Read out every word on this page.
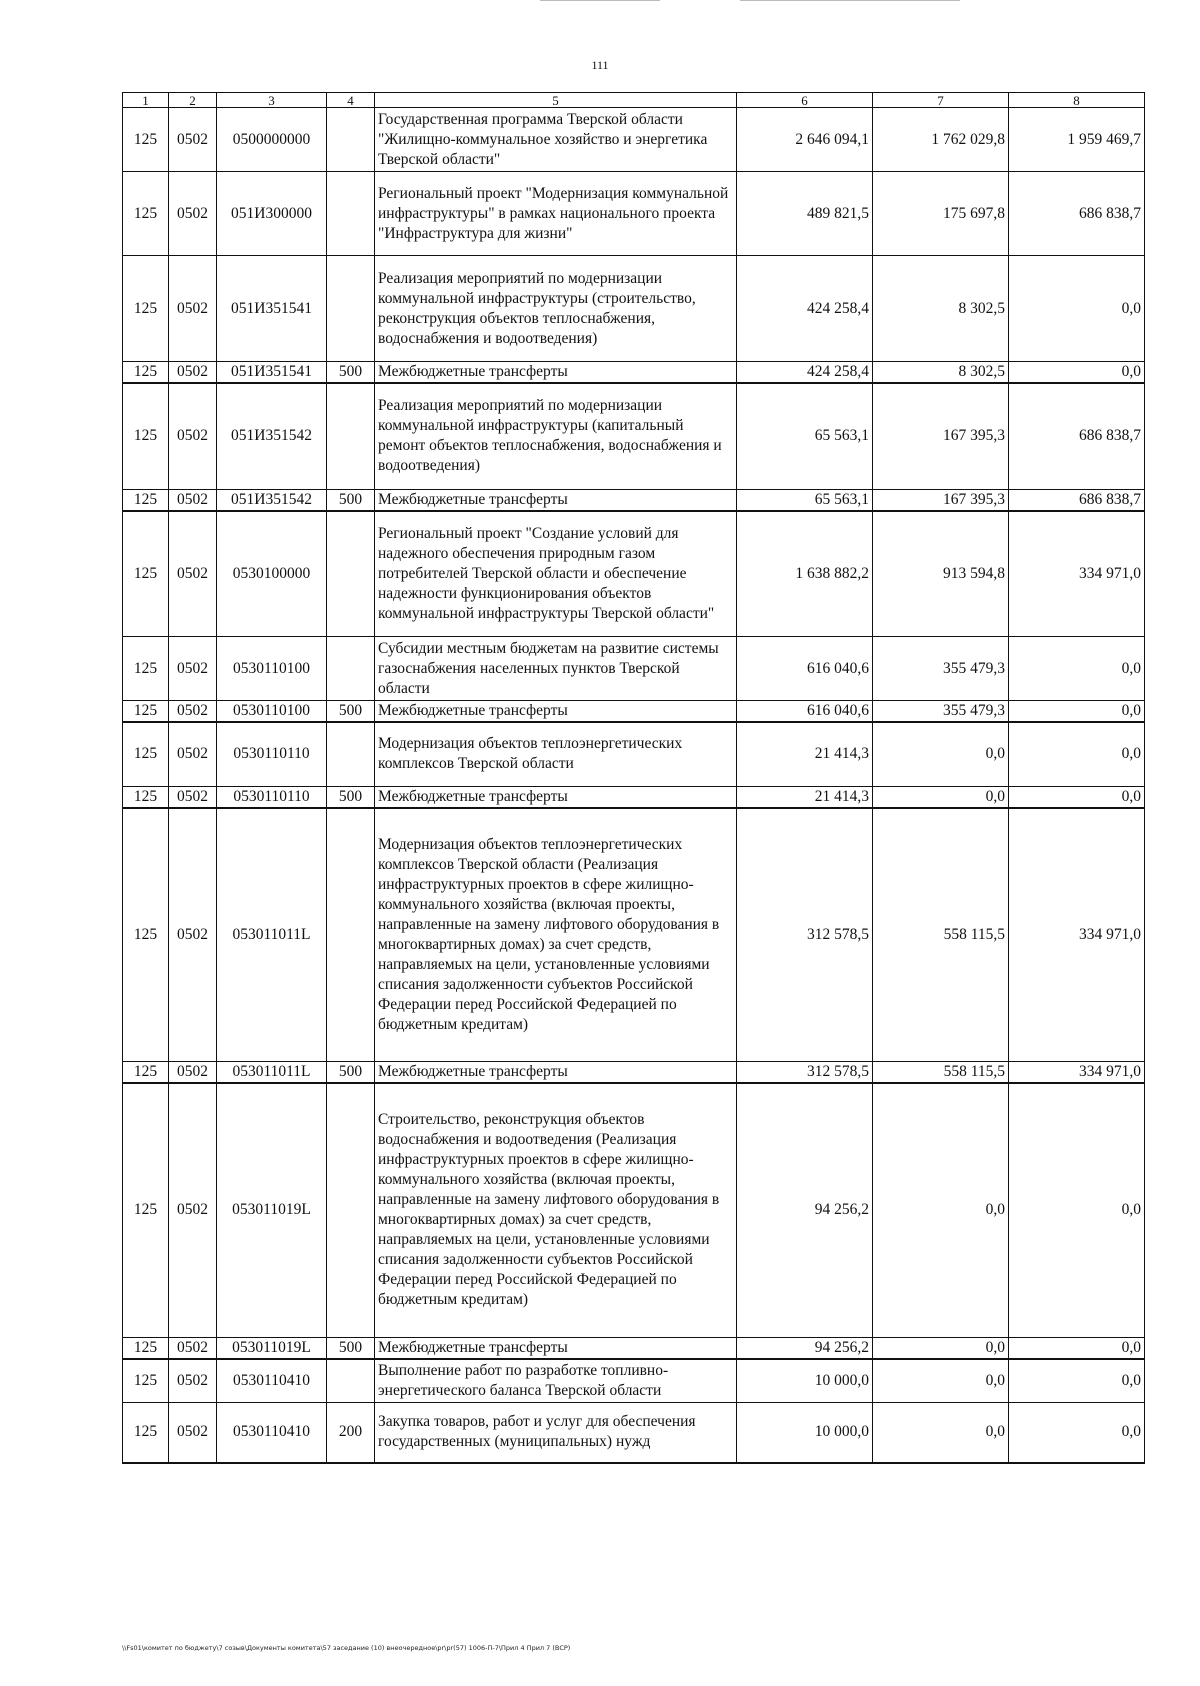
111
1	2	3	4	5	6	7	8
125	0502	0500000000		Государственная программа Тверской области "Жилищно-коммунальное хозяйство и энергетика Тверской области"	2 646 094,1	1 762 029,8	1 959 469,7
125	0502	051И300000		Региональный проект "Модернизация коммунальной инфраструктуры" в рамках национального проекта "Инфраструктура для жизни"	489 821,5	175 697,8	686 838,7
125	0502	051И351541		Реализация мероприятий по модернизации коммунальной инфраструктуры (строительство, реконструкция объектов теплоснабжения, водоснабжения и водоотведения)	424 258,4	8 302,5	0,0
125	0502	051И351541	500	Межбюджетные трансферты	424 258,4	8 302,5	0,0
125	0502	051И351542		Реализация мероприятий по модернизации коммунальной инфраструктуры (капитальный ремонт объектов теплоснабжения, водоснабжения и водоотведения)	65 563,1	167 395,3	686 838,7
125	0502	051И351542	500	Межбюджетные трансферты	65 563,1	167 395,3	686 838,7
125	0502	0530100000		Региональный проект "Создание условий для надежного обеспечения природным газом потребителей Тверской области и обеспечение надежности функционирования объектов коммунальной инфраструктуры Тверской области"	1 638 882,2	913 594,8	334 971,0
125	0502	0530110100		Субсидии местным бюджетам на развитие системы газоснабжения населенных пунктов Тверской области	616 040,6	355 479,3	0,0
125	0502	0530110100	500	Межбюджетные трансферты	616 040,6	355 479,3	0,0
125	0502	0530110110		Модернизация объектов теплоэнергетических комплексов Тверской области	21 414,3	0,0	0,0
125	0502	0530110110	500	Межбюджетные трансферты	21 414,3	0,0	0,0
125	0502	053011011L		Модернизация объектов теплоэнергетических комплексов Тверской области (Реализация инфраструктурных проектов в сфере жилищно-коммунального хозяйства (включая проекты, направленные на замену лифтового оборудования в многоквартирных домах) за счет средств, направляемых на цели, установленные условиями списания задолженности субъектов Российской Федерации перед Российской Федерацией по бюджетным кредитам)	312 578,5	558 115,5	334 971,0
125	0502	053011011L	500	Межбюджетные трансферты	312 578,5	558 115,5	334 971,0
125	0502	053011019L		Строительство, реконструкция объектов водоснабжения и водоотведения (Реализация инфраструктурных проектов в сфере жилищно-коммунального хозяйства (включая проекты, направленные на замену лифтового оборудования в многоквартирных домах) за счет средств, направляемых на цели, установленные условиями списания задолженности субъектов Российской Федерации перед Российской Федерацией по бюджетным кредитам)	94 256,2	0,0	0,0
125	0502	053011019L	500	Межбюджетные трансферты	94 256,2	0,0	0,0
125	0502	0530110410		Выполнение работ по разработке топливно-энергетического баланса Тверской области	10 000,0	0,0	0,0
125	0502	0530110410	200	Закупка товаров, работ и услуг для обеспечения государственных (муниципальных) нужд	10 000,0	0,0	0,0
\\Fs01\комитет по бюджету\7 созыв\Документы комитета\57 заседание (10) внеочередное\pr\pr(57) 1006-П-7\Прил 4 Прил 7 (ВСР)
